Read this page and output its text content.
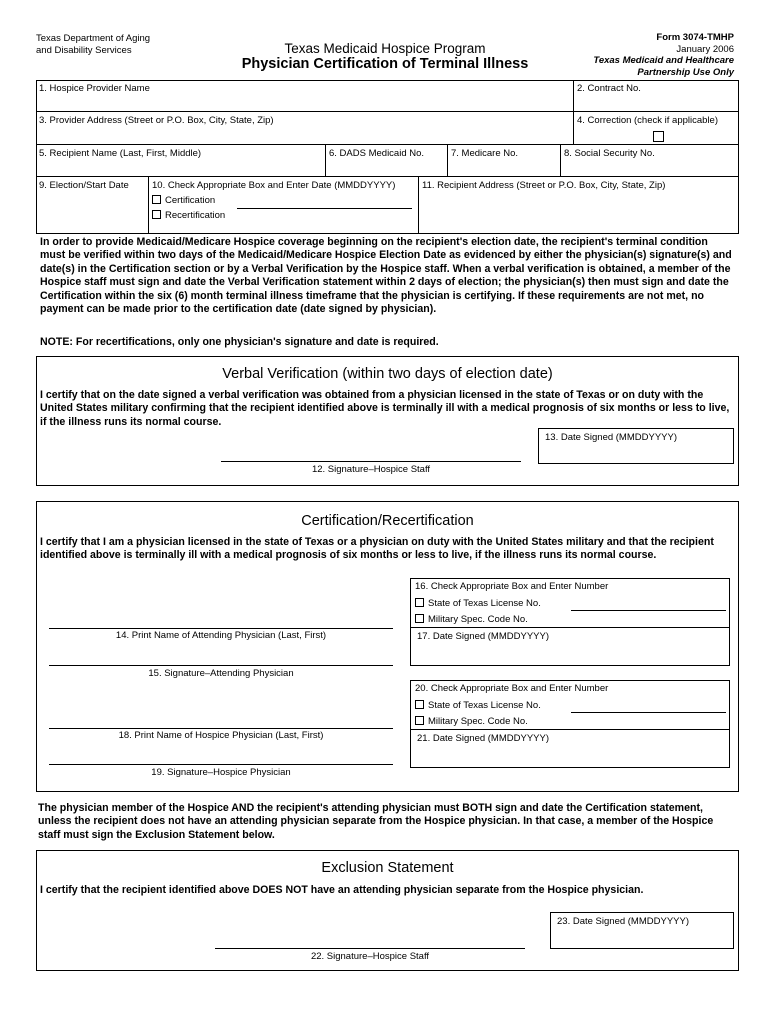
Texas Department of Aging
and Disability Services	Texas Medicaid Hospice Program
Physician Certification of Terminal Illness
Form 3074-TMHP
January 2006
Texas Medicaid and Healthcare
Partnership Use Only
1. Hospice Provider Name	2. Contract No.
3. Provider Address (Street or P.O. Box, City, State, Zip)	4. Correction (check if applicable)
5. Recipient Name (Last, First, Middle)	6. DADS Medicaid No.	7. Medicare No.	8. Social Security No.
9. Election/Start Date	10. Check Appropriate Box and Enter Date (MMDDYYYY)
Certification
Recertification
11. Recipient Address (Street or P.O. Box, City, State, Zip)
In order to provide Medicaid/Medicare Hospice coverage beginning on the recipient's election date, the recipient's terminal condition must be verified within two days of the Medicaid/Medicare Hospice Election Date as evidenced by either the physician(s) signature(s) and date(s) in the Certification section or by a Verbal Verification by the Hospice staff. When a verbal verification is obtained, a member of the Hospice staff must sign and date the Verbal Verification statement within 2 days of election; the physician(s) then must sign and date the Certification within the six (6) month terminal illness timeframe that the physician is certifying. If these requirements are not met, no payment can be made prior to the certification date (date signed by physician).
NOTE: For recertifications, only one physician's signature and date is required.
Verbal Verification (within two days of election date)
I certify that on the date signed a verbal verification was obtained from a physician licensed in the state of Texas or on duty with the United States military confirming that the recipient identified above is terminally ill with a medical prognosis of six months or less to live, if the illness runs its normal course.
13. Date Signed (MMDDYYYY)
12. Signature–Hospice Staff
Certification/Recertification
I certify that I am a physician licensed in the state of Texas or a physician on duty with the United States military and that the recipient identified above is terminally ill with a medical prognosis of six months or less to live, if the illness runs its normal course.
16. Check Appropriate Box and Enter Number
State of Texas License No.
Military Spec. Code No.
17. Date Signed (MMDDYYYY)
14. Print Name of Attending Physician (Last, First)
15. Signature–Attending Physician
20. Check Appropriate Box and Enter Number
State of Texas License No.
Military Spec. Code No.
21. Date Signed (MMDDYYYY)
18. Print Name of Hospice Physician (Last, First)
19. Signature–Hospice Physician
The physician member of the Hospice AND the recipient's attending physician must BOTH sign and date the Certification statement, unless the recipient does not have an attending physician separate from the Hospice physician. In that case, a member of the Hospice staff must sign the Exclusion Statement below.
Exclusion Statement
I certify that the recipient identified above DOES NOT have an attending physician separate from the Hospice physician.
23. Date Signed (MMDDYYYY)
22. Signature–Hospice Staff
